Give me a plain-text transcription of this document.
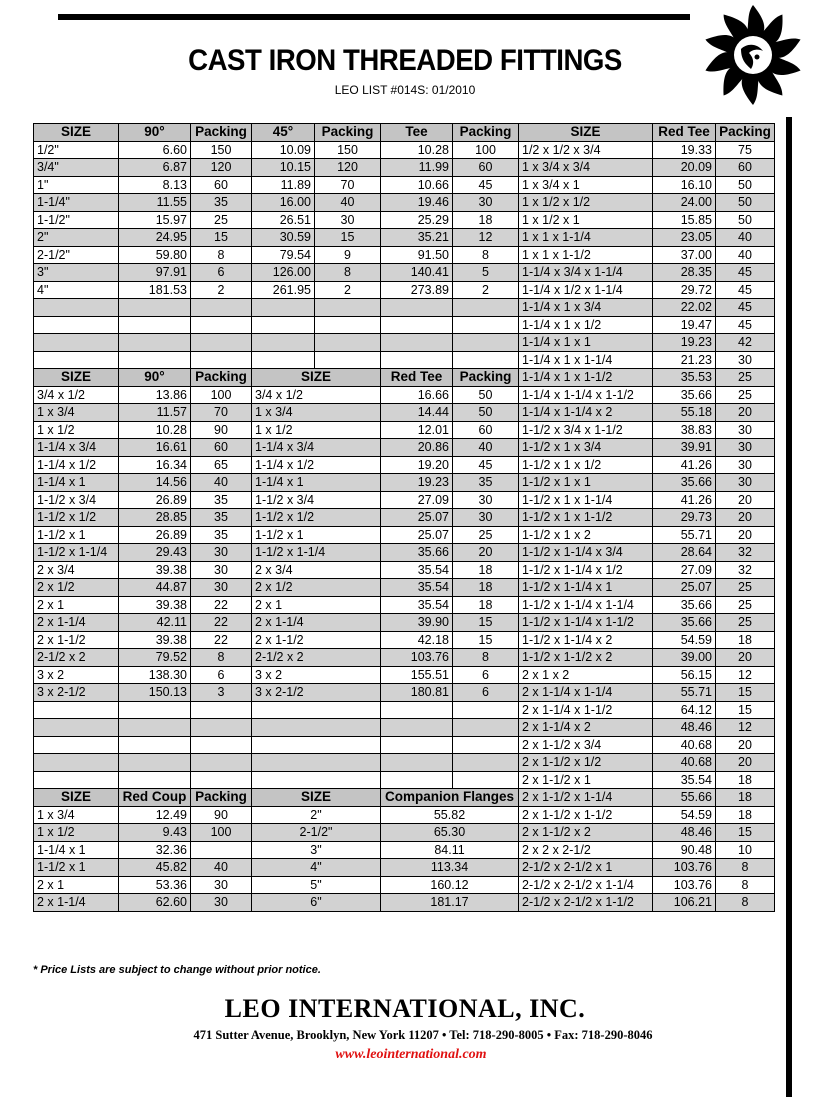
CAST IRON THREADED FITTINGS
LEO LIST #014S: 01/2010
SIZE	90°	Packing	45°	Packing	Tee	Packing	SIZE	Red Tee	Packing
1/2"	6.60	150	10.09	150	10.28	100	1/2 x 1/2 x 3/4	19.33	75
3/4"	6.87	120	10.15	120	11.99	60	1 x 3/4 x 3/4	20.09	60
1"	8.13	60	11.89	70	10.66	45	1 x 3/4 x 1	16.10	50
1-1/4"	11.55	35	16.00	40	19.46	30	1 x 1/2 x 1/2	24.00	50
1-1/2"	15.97	25	26.51	30	25.29	18	1 x 1/2 x 1	15.85	50
2"	24.95	15	30.59	15	35.21	12	1 x 1 x 1-1/4	23.05	40
2-1/2"	59.80	8	79.54	9	91.50	8	1 x 1 x 1-1/2	37.00	40
3"	97.91	6	126.00	8	140.41	5	1-1/4 x 3/4 x 1-1/4	28.35	45
4"	181.53	2	261.95	2	273.89	2	1-1/4 x 1/2 x 1-1/4	29.72	45
							1-1/4 x 1 x 3/4	22.02	45
							1-1/4 x 1 x 1/2	19.47	45
							1-1/4 x 1 x 1	19.23	42
							1-1/4 x 1 x 1-1/4	21.23	30
SIZE	90°	Packing	SIZE		Red Tee	Packing	1-1/4 x 1 x 1-1/2	35.53	25
3/4 x 1/2	13.86	100	3/4 x 1/2		16.66	50	1-1/4 x 1-1/4 x 1-1/2	35.66	25
1 x 3/4	11.57	70	1 x 3/4		14.44	50	1-1/4 x 1-1/4 x 2	55.18	20
1 x 1/2	10.28	90	1 x 1/2		12.01	60	1-1/2 x 3/4 x 1-1/2	38.83	30
1-1/4 x 3/4	16.61	60	1-1/4 x 3/4		20.86	40	1-1/2 x 1 x 3/4	39.91	30
1-1/4 x 1/2	16.34	65	1-1/4 x 1/2		19.20	45	1-1/2 x 1 x 1/2	41.26	30
1-1/4 x 1	14.56	40	1-1/4 x 1		19.23	35	1-1/2 x 1 x 1	35.66	30
1-1/2 x 3/4	26.89	35	1-1/2 x 3/4		27.09	30	1-1/2 x 1 x 1-1/4	41.26	20
1-1/2 x 1/2	28.85	35	1-1/2 x 1/2		25.07	30	1-1/2 x 1 x 1-1/2	29.73	20
1-1/2 x 1	26.89	35	1-1/2 x 1		25.07	25	1-1/2 x 1 x 2	55.71	20
1-1/2 x 1-1/4	29.43	30	1-1/2 x 1-1/4		35.66	20	1-1/2 x 1-1/4 x 3/4	28.64	32
2 x 3/4	39.38	30	2 x 3/4		35.54	18	1-1/2 x 1-1/4 x 1/2	27.09	32
2 x 1/2	44.87	30	2 x 1/2		35.54	18	1-1/2 x 1-1/4 x 1	25.07	25
2 x 1	39.38	22	2 x 1		35.54	18	1-1/2 x 1-1/4 x 1-1/4	35.66	25
2 x 1-1/4	42.11	22	2 x 1-1/4		39.90	15	1-1/2 x 1-1/4 x 1-1/2	35.66	25
2 x 1-1/2	39.38	22	2 x 1-1/2		42.18	15	1-1/2 x 1-1/4 x 2	54.59	18
2-1/2 x 2	79.52	8	2-1/2 x 2		103.76	8	1-1/2 x 1-1/2 x 2	39.00	20
3 x 2	138.30	6	3 x 2		155.51	6	2 x 1 x 2	56.15	12
3 x 2-1/2	150.13	3	3 x 2-1/2		180.81	6	2 x 1-1/4 x 1-1/4	55.71	15
							2 x 1-1/4 x 1-1/2	64.12	15
							2 x 1-1/4 x 2	48.46	12
							2 x 1-1/2 x 3/4	40.68	20
							2 x 1-1/2 x 1/2	40.68	20
							2 x 1-1/2 x 1	35.54	18
SIZE	Red Coup	Packing	SIZE		Companion Flanges		2 x 1-1/2 x 1-1/4	55.66	18
1 x 3/4	12.49	90	2"		55.82		2 x 1-1/2 x 1-1/2	54.59	18
1 x 1/2	9.43	100	2-1/2"		65.30		2 x 1-1/2 x 2	48.46	15
1-1/4 x 1	32.36		3"		84.11		2 x 2 x 2-1/2	90.48	10
1-1/2 x 1	45.82	40	4"		113.34		2-1/2 x 2-1/2 x 1	103.76	8
2 x 1	53.36	30	5"		160.12		2-1/2 x 2-1/2 x 1-1/4	103.76	8
2 x 1-1/4	62.60	30	6"		181.17		2-1/2 x 2-1/2 x 1-1/2	106.21	8
* Price Lists are subject to change without prior notice.
LEO INTERNATIONAL, INC.
471 Sutter Avenue, Brooklyn, New York 11207 • Tel: 718-290-8005 • Fax: 718-290-8046
www.leointernational.com
